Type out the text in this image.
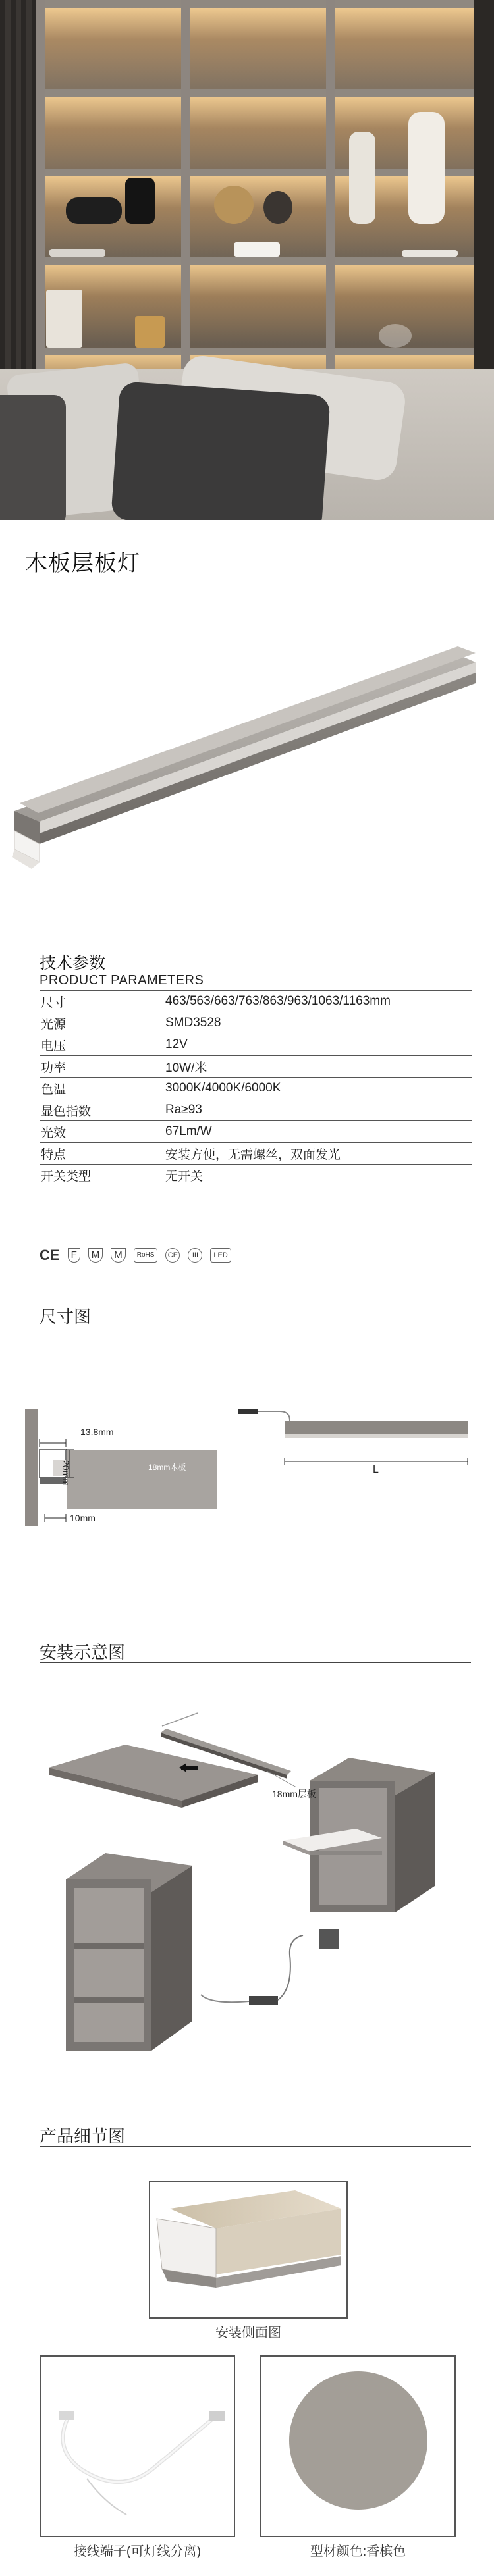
木板层板灯
技术参数
PRODUCT PARAMETERS
尺寸	463/563/663/763/863/963/1063/1163mm
光源	SMD3528
电压	12V
功率	10W/米
色温	3000K/4000K/6000K
显色指数	Ra≥93
光效	67Lm/W
特点	安装方便，无需螺丝，双面发光
开关类型	无开关
CE	F	M	M	RoHS	CE	III	LED
尺寸图
13.8mm
20mm
10mm
18mm木板	L
安装示意图
18mm层板
产品细节图
安装侧面图
接线端子(可灯线分离)	型材颜色:香槟色
